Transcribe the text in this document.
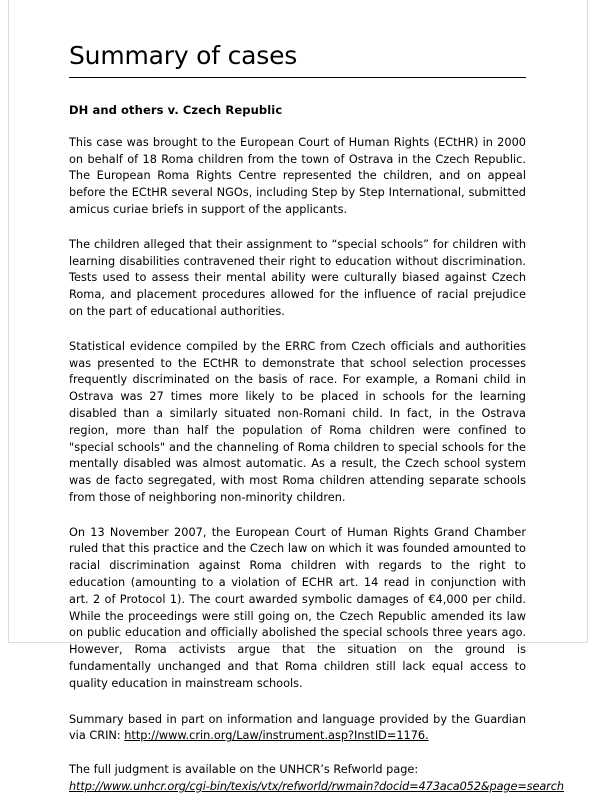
Summary of cases
DH and others v. Czech Republic

This case was brought to the European Court of Human Rights (ECtHR) in 2000 on behalf of 18 Roma children from the town of Ostrava in the Czech Republic. The European Roma Rights Centre represented the children, and on appeal before the ECtHR several NGOs, including Step by Step International, submitted amicus curiae briefs in support of the applicants.

The children alleged that their assignment to “special schools” for children with learning disabilities contravened their right to education without discrimination. Tests used to assess their mental ability were culturally biased against Czech Roma, and placement procedures allowed for the influence of racial prejudice on the part of educational authorities.

Statistical evidence compiled by the ERRC from Czech officials and authorities was presented to the ECtHR to demonstrate that school selection processes frequently discriminated on the basis of race. For example, a Romani child in Ostrava was 27 times more likely to be placed in schools for the learning disabled than a similarly situated non-Romani child. In fact, in the Ostrava region, more than half the population of Roma children were confined to "special schools" and the channeling of Roma children to special schools for the mentally disabled was almost automatic. As a result, the Czech school system was de facto segregated, with most Roma children attending separate schools from those of neighboring non-minority children.

On 13 November 2007, the European Court of Human Rights Grand Chamber ruled that this practice and the Czech law on which it was founded amounted to racial discrimination against Roma children with regards to the right to education (amounting to a violation of ECHR art. 14 read in conjunction with art. 2 of Protocol 1). The court awarded symbolic damages of €4,000 per child. While the proceedings were still going on, the Czech Republic amended its law on public education and officially abolished the special schools three years ago. However, Roma activists argue that the situation on the ground is fundamentally unchanged and that Roma children still lack equal access to quality education in mainstream schools.

Summary based in part on information and language provided by the Guardian via CRIN: http://www.crin.org/Law/instrument.asp?InstID=1176.

The full judgment is available on the UNHCR’s Refworld page:
http://www.unhcr.org/cgi-bin/texis/vtx/refworld/rwmain?docid=473aca052&page=search
